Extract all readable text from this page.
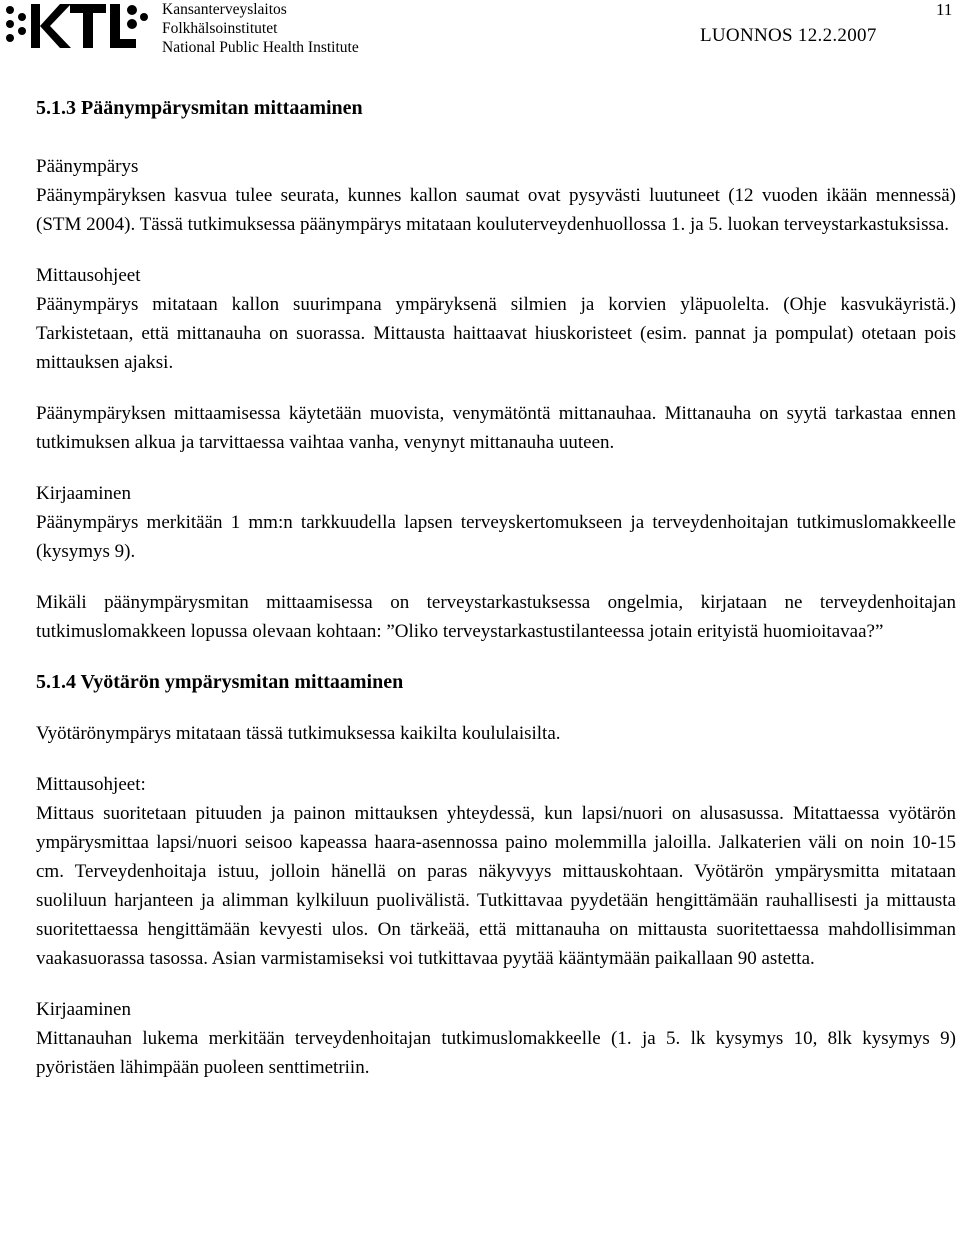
Kansanterveyslaitos
Folkhälsoinstitutet
National Public Health Institute
LUONNOS 12.2.2007
11
5.1.3 Päänympärysmitan mittaaminen
Päänympärys

Päänympäryksen kasvua tulee seurata, kunnes kallon saumat ovat pysyvästi luutuneet (12 vuoden ikään mennessä) (STM 2004). Tässä tutkimuksessa päänympärys mitataan kouluterveydenhuollossa 1. ja 5. luokan terveystarkastuksissa.

Mittausohjeet

Päänympärys mitataan kallon suurimpana ympäryksenä silmien ja korvien yläpuolelta. (Ohje kasvukäyristä.) Tarkistetaan, että mittanauha on suorassa. Mittausta haittaavat hiuskoristeet (esim. pannat ja pompulat) otetaan pois mittauksen ajaksi.

Päänympäryksen mittaamisessa käytetään muovista, venymätöntä mittanauhaa. Mittanauha on syytä tarkastaa ennen tutkimuksen alkua ja tarvittaessa vaihtaa vanha, venynyt mittanauha uuteen.

Kirjaaminen

Päänympärys merkitään 1 mm:n tarkkuudella lapsen terveyskertomukseen ja terveydenhoitajan tutkimuslomakkeelle (kysymys 9).

Mikäli päänympärysmitan mittaamisessa on terveystarkastuksessa ongelmia, kirjataan ne terveydenhoitajan tutkimuslomakkeen lopussa olevaan kohtaan: ”Oliko terveystarkastustilanteessa jotain erityistä huomioitavaa?”

5.1.4 Vyötärön ympärysmitan mittaaminen

Vyötärönympärys mitataan tässä tutkimuksessa kaikilta koululaisilta.

Mittausohjeet:

Mittaus suoritetaan pituuden ja painon mittauksen yhteydessä, kun lapsi/nuori on alusasussa. Mitattaessa vyötärön ympärysmittaa lapsi/nuori seisoo kapeassa haara-asennossa paino molemmilla jaloilla. Jalkaterien väli on noin 10-15 cm. Terveydenhoitaja istuu, jolloin hänellä on paras näkyvyys mittauskohtaan. Vyötärön ympärysmitta mitataan suoliluun harjanteen ja alimman kylkiluun puolivälistä. Tutkittavaa pyydetään hengittämään rauhallisesti ja mittausta suoritettaessa hengittämään kevyesti ulos. On tärkeää, että mittanauha on mittausta suoritettaessa mahdollisimman vaakasuorassa tasossa. Asian varmistamiseksi voi tutkittavaa pyytää kääntymään paikallaan 90 astetta.

Kirjaaminen

Mittanauhan lukema merkitään terveydenhoitajan tutkimuslomakkeelle (1. ja 5. lk kysymys 10, 8lk kysymys 9) pyöristäen lähimpään puoleen senttimetriin.
